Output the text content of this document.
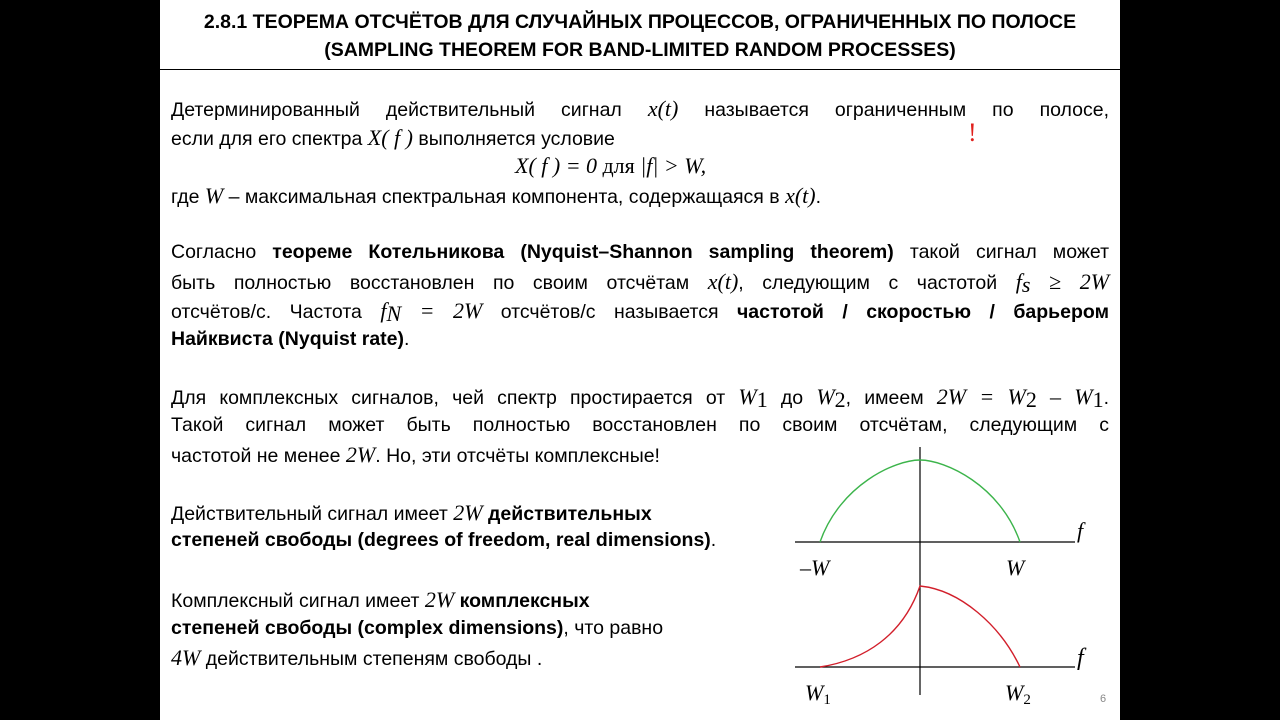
2.8.1 ТЕОРЕМА ОТСЧЁТОВ ДЛЯ СЛУЧАЙНЫХ ПРОЦЕССОВ, ОГРАНИЧЕННЫХ ПО ПОЛОСЕ
(SAMPLING THEOREM FOR BAND-LIMITED RANDOM PROCESSES)
Детерминированный действительный сигнал x(t) называется ограниченным по полосе,
если для его спектра X( f ) выполняется условие
X( f ) = 0 для |f| > W,
где W – максимальная спектральная компонента, содержащаяся в x(t).
!
Согласно теореме Котельникова (Nyquist–Shannon sampling theorem) такой сигнал может
быть полностью восстановлен по своим отсчётам x(t), следующим с частотой $f_s \ge 2W$
отсчётов/с. Частота $f_N = 2W$ отсчётов/с называется частотой / скоростью / барьером
Найквиста (Nyquist rate).
Для комплексных сигналов, чей спектр простирается от $W_1$ до $W_2$, имеем $2W = W_2 - W_1$.
Такой сигнал может быть полностью восстановлен по своим отсчётам, следующим с
частотой не менее 2W. Но, эти отсчёты комплексные!
Действительный сигнал имеет 2W действительных
степеней свободы (degrees of freedom, real dimensions).
Комплексный сигнал имеет 2W комплексных
степеней свободы (complex dimensions), что равно
4W действительным степеням свободы .
f
–W	W
f
W1	W2	6
